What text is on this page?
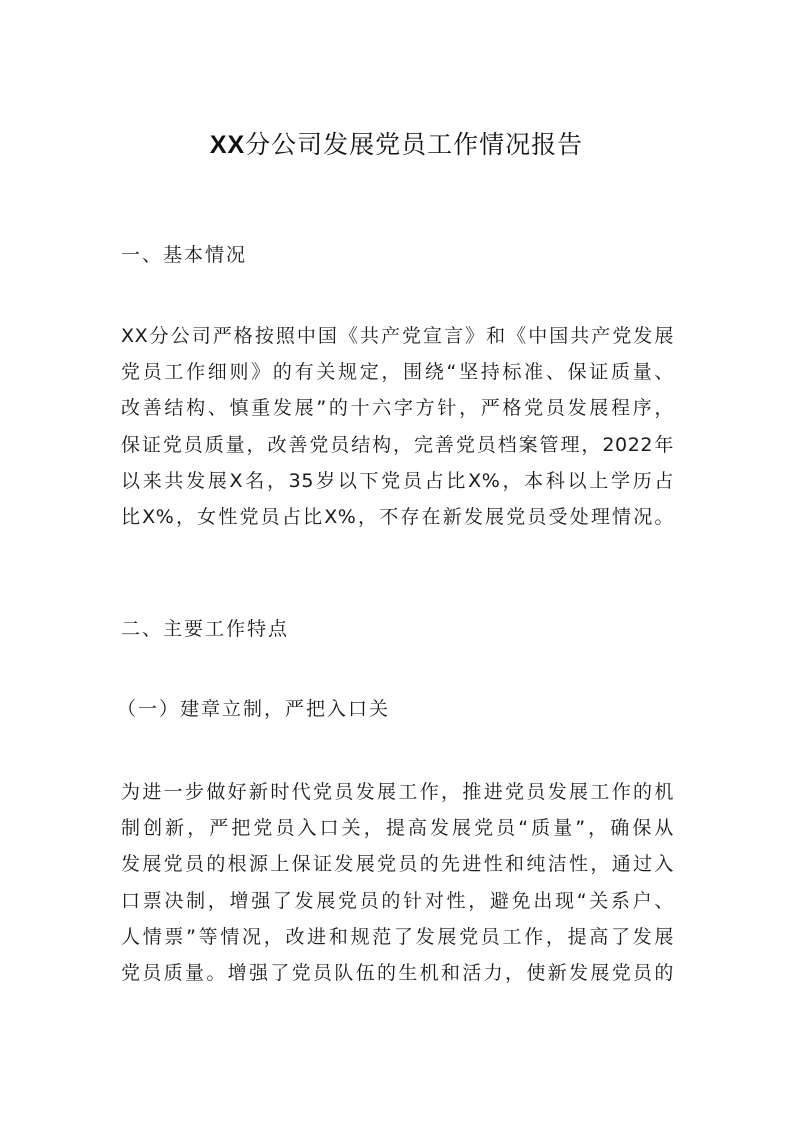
XX分公司发展党员工作情况报告
一、基本情况
XX分公司严格按照中国《共产党宣言》和《中国共产党发展
党员工作细则》的有关规定，围绕“坚持标准、保证质量、
改善结构、慎重发展”的十六字方针，严格党员发展程序，
保证党员质量，改善党员结构，完善党员档案管理，2022年
以来共发展X名，35岁以下党员占比X%，本科以上学历占
比X%，女性党员占比X%，不存在新发展党员受处理情况。
二、主要工作特点
（一）建章立制，严把入口关
为进一步做好新时代党员发展工作，推进党员发展工作的机
制创新，严把党员入口关，提高发展党员“质量”，确保从
发展党员的根源上保证发展党员的先进性和纯洁性，通过入
口票决制，增强了发展党员的针对性，避免出现“关系户、
人情票”等情况，改进和规范了发展党员工作，提高了发展
党员质量。增强了党员队伍的生机和活力，使新发展党员的
